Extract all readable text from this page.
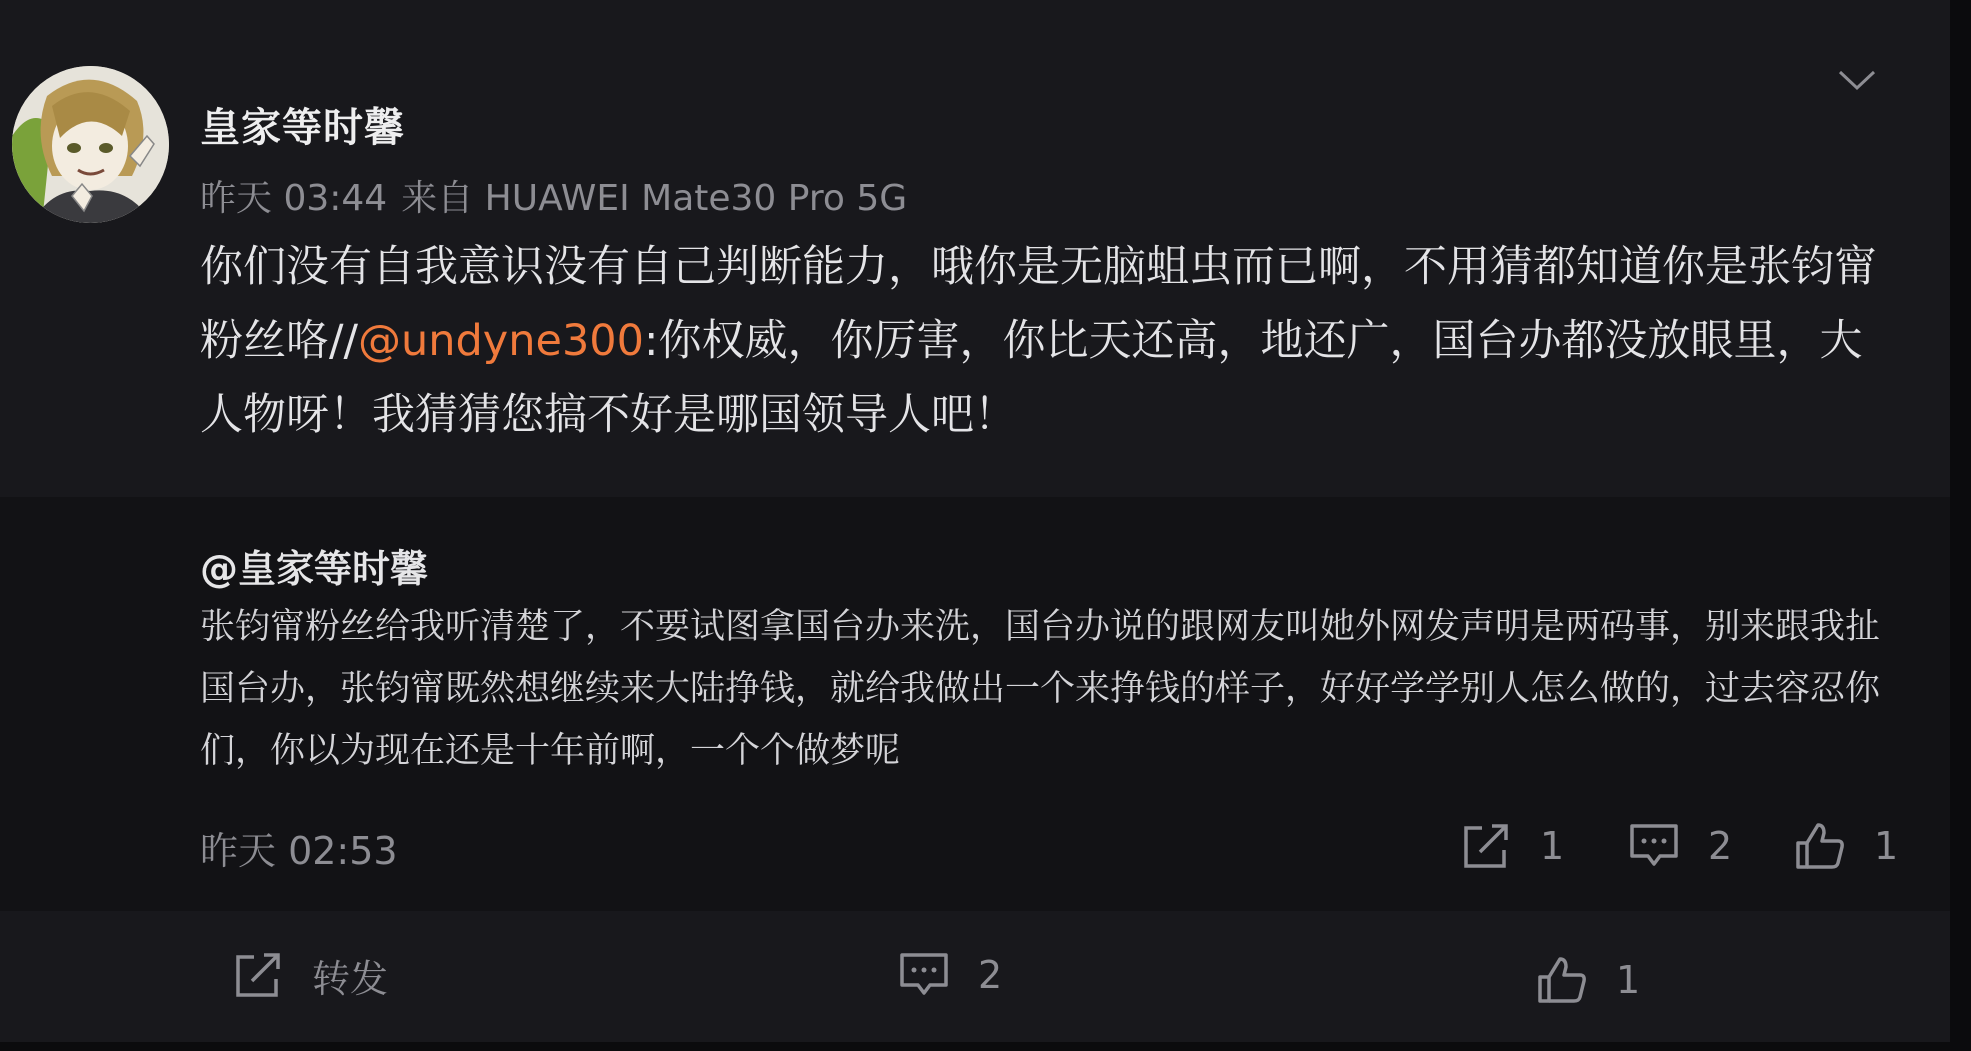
皇家等时馨
昨天 03:44 来自 HUAWEI Mate30 Pro 5G
你们没有自我意识没有自己判断能力，哦你是无脑蛆虫而已啊，不用猜都知道你是张钧甯粉丝咯//@undyne300:你权威，你厉害，你比天还高，地还广，国台办都没放眼里，大人物呀！我猜猜您搞不好是哪国领导人吧！
@皇家等时馨
张钧甯粉丝给我听清楚了，不要试图拿国台办来洗，国台办说的跟网友叫她外网发声明是两码事，别来跟我扯国台办，张钧甯既然想继续来大陆挣钱，就给我做出一个来挣钱的样子，好好学学别人怎么做的，过去容忍你们，你以为现在还是十年前啊，一个个做梦呢
昨天 02:53	1	2	1
转发	2	1
